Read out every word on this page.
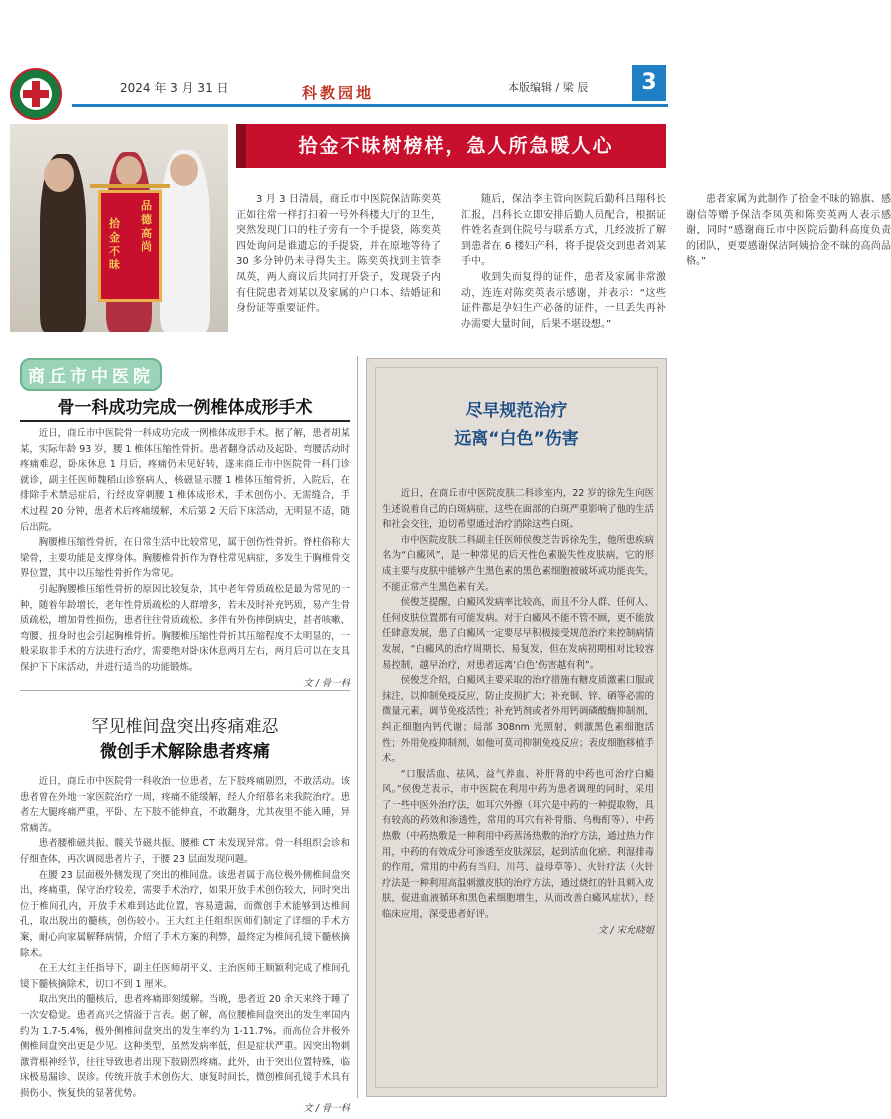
2024 年 3 月 31 日	科教园地	本版编辑 / 梁 辰	3
品德高尚
拾金不昧
拾金不昧树榜样，急人所急暖人心

3 月 3 日清晨，商丘市中医院保洁陈奕英正如往常一样打扫着一号外科楼大厅的卫生，突然发现门口的柱子旁有一个手提袋，陈奕英四处询问是谁遗忘的手提袋，并在原地等待了 30 多分钟仍未寻得失主。陈奕英找到主管李凤英，两人商议后共同打开袋子，发现袋子内有住院患者刘某以及家属的户口本、结婚证和身份证等重要证件。

随后，保洁李主管向医院后勤科吕翔科长汇报，吕科长立即安排后勤人员配合，根据证件姓名查到住院号与联系方式，几经波折了解到患者在 6 楼妇产科，将手提袋交到患者刘某手中。

收到失而复得的证件，患者及家属非常激动，连连对陈奕英表示感谢，并表示：“这些证件都是孕妇生产必备的证件，一旦丢失再补办需要大量时间，后果不堪设想。”

患者家属为此制作了拾金不昧的锦旗、感谢信等赠予保洁李凤英和陈奕英两人表示感谢，同时“感谢商丘市中医院后勤科高度负责的团队，更要感谢保洁阿姨拾金不昧的高尚品格。”

商丘市中医院
骨一科成功完成一例椎体成形手术

近日，商丘市中医院骨一科成功完成一例椎体成形手术。据了解，患者胡某某，实际年龄 93 岁，腰 1 椎体压缩性骨折。患者翻身活动及起卧、弯腰活动时疼痛难忍，卧床休息 1 月后，疼痛仍未见好转，遂来商丘市中医院骨一科门诊就诊，副主任医师魏稻山诊察病人，核磁显示腰 1 椎体压缩骨折，入院后，在排除手术禁忌症后，行经皮穿刺腰 1 椎体成形术，手术创伤小、无需缝合，手术过程 20 分钟，患者术后疼痛缓解，术后第 2 天后下床活动，无明显不适，随后出院。

胸腰椎压缩性骨折，在日常生活中比较常见，属于创伤性骨折。脊柱俗称大梁骨，主要功能是支撑身体。胸腰椎骨折作为脊柱常见病症，多发生于胸椎骨交界位置，其中以压缩性骨折作为常见。

引起胸腰椎压缩性骨折的原因比较复杂，其中老年骨质疏松是最为常见的一种，随着年龄增长，老年性骨质疏松的人群增多，若未及时补充钙质，易产生骨质疏松，增加骨性损伤，患者往往骨质疏松、多伴有外伤摔倒病史，甚者咳嗽、弯腰、扭身时也会引起胸椎骨折。胸腰椎压缩性骨折其压缩程度不太明显的，一般采取非手术的方法进行治疗，需要绝对卧床休息两月左右，两月后可以在支具保护下下床活动，并进行适当的功能锻炼。

文 / 骨一科
罕见椎间盘突出疼痛难忍
微创手术解除患者疼痛

近日，商丘市中医院骨一科收治一位患者，左下肢疼痛剧烈，不敢活动。该患者曾在外地一家医院治疗一周，疼痛不能缓解，经人介绍慕名来我院治疗。患者左大腿疼痛严重，平卧、左下肢不能伸直，不敢翻身，尤其夜里不能入睡，异常痛苦。

患者腰椎磁共振、髋关节磁共振、腰椎 CT 未发现异常。骨一科组织会诊和仔细查体，再次调阅患者片子，于腰 23 层面发现问题。

在腰 23 层面极外侧发现了突出的椎间盘。该患者属于高位极外侧椎间盘突出，疼痛重，保守治疗较差，需要手术治疗，如果开放手术创伤较大，同时突出位于椎间孔内，开放手术难到达此位置，容易遗漏，而微创手术能够到达椎间孔，取出脱出的髓核，创伤较小。王大红主任组织医师们制定了详细的手术方案，耐心向家属解释病情，介绍了手术方案的利弊，最终定为椎间孔镜下髓核摘除术。

在王大红主任指导下，副主任医师胡平义、主治医师王顺颖利完成了椎间孔镜下髓核摘除术，切口不到 1 厘米。

取出突出的髓核后，患者疼痛即刻缓解。当晚，患者近 20 余天来终于睡了一次安稳觉。患者高兴之情溢于言表。据了解，高位腰椎间盘突出的发生率国内约为 1.7-5.4%，极外侧椎间盘突出的发生率约为 1-11.7%。而高位合并极外侧椎间盘突出更是少见。这种类型，虽然发病率低，但是症状严重。因突出物刺激背根神经节，往往导致患者出现下肢剧烈疼痛。此外，由于突出位置特殊，临床极易漏诊、误诊。传统开放手术创伤大、康复时间长，微创椎间孔镜手术具有损伤小、恢复快的显著优势。

文 / 骨一科
尽早规范治疗
远离“白色”伤害

近日，在商丘市中医院皮肤二科诊室内，22 岁的徐先生向医生述说着自己的白斑病症，这些在面部的白斑严重影响了他的生活和社会交往，迫切希望通过治疗消除这些白斑。

市中医院皮肤二科副主任医师侯俊芝告诉徐先生，他所患疾病名为“白癜风”，是一种常见的后天性色素脱失性皮肤病，它的形成主要与皮肤中能够产生黑色素的黑色素细胞被破坏或功能丧失，不能正常产生黑色素有关。

侯俊芝提醒，白癜风发病率比较高，而且不分人群、任何人、任何皮肤位置都有可能发病。对于白癜风不能不管不顾，更不能放任肆意发展，患了白癜风一定要尽早积极接受规范治疗来控制病情发展，“白癜风的治疗周期长、易复发，但在发病初期相对比较容易控制，越早治疗，对患者远离‘白色’伤害越有利”。

侯俊芝介绍，白癜风主要采取的治疗措施有糖皮质激素口服或抹注，以抑制免疫反应，防止皮损扩大；补充铜、锌、硒等必需的微量元素，调节免疫活性；补充钙剂或者外用钙调磷酸酶抑制剂，纠正细胞内钙代谢；局部 308nm 光照射，刺激黑色素细胞活性；外用免疫抑制剂，如他可莫司抑制免疫反应；表皮细胞移植手术。

“口服活血、祛风、益气养血、补肝肾的中药也可治疗白癜风。”侯俊芝表示，市中医院在利用中药为患者调理的同时，采用了一些中医外治疗法，如耳穴外擦（耳穴是中药的一种提取物，具有较高的药效和渗透性，常用的耳穴有补骨脂、乌梅酊等）、中药热敷（中药热敷是一种利用中药蒸汤热敷的治疗方法，通过热力作用，中药的有效成分可渗透至皮肤深层，起到活血化瘀、利湿排毒的作用，常用的中药有当归、川芎、益母草等）、火针疗法（火针疗法是一种利用高温刺激皮肤的治疗方法，通过烧红的针具刺入皮肤，促进血液循环和黑色素细胞增生，从而改善白癜风症状），经临床应用，深受患者好评。

文 / 宋允晓姐
